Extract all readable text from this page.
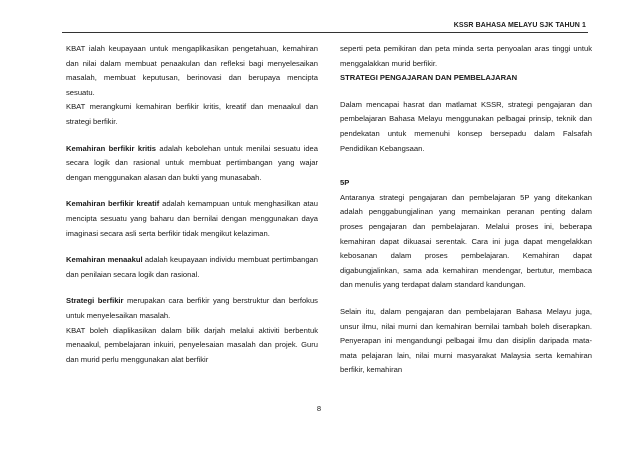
KSSR BAHASA MELAYU SJK TAHUN 1

KBAT ialah keupayaan untuk mengaplikasikan pengetahuan, kemahiran dan nilai dalam membuat penaakulan dan refleksi bagi menyelesaikan masalah, membuat keputusan, berinovasi dan berupaya mencipta sesuatu.

KBAT merangkumi kemahiran berfikir kritis, kreatif dan menaakul dan strategi berfikir.

Kemahiran berfikir kritis adalah kebolehan untuk menilai sesuatu idea secara logik dan rasional untuk membuat pertimbangan yang wajar dengan menggunakan alasan dan bukti yang munasabah.

Kemahiran berfikir kreatif adalah kemampuan untuk menghasilkan atau mencipta sesuatu yang baharu dan bernilai dengan menggunakan daya imaginasi secara asli serta berfikir tidak mengikut kelaziman.

Kemahiran menaakul adalah keupayaan individu membuat pertimbangan dan penilaian secara logik dan rasional.

Strategi berfikir merupakan cara berfikir yang berstruktur dan berfokus untuk menyelesaikan masalah.

KBAT boleh diaplikasikan dalam bilik darjah melalui aktiviti berbentuk menaakul, pembelajaran inkuiri, penyelesaian masalah dan projek. Guru dan murid perlu menggunakan alat berfikir

seperti peta pemikiran dan peta minda serta penyoalan aras tinggi untuk menggalakkan murid berfikir.

STRATEGI PENGAJARAN DAN PEMBELAJARAN

Dalam mencapai hasrat dan matlamat KSSR, strategi pengajaran dan pembelajaran Bahasa Melayu menggunakan pelbagai prinsip, teknik dan pendekatan untuk memenuhi konsep bersepadu dalam Falsafah Pendidikan Kebangsaan.

5P

Antaranya strategi pengajaran dan pembelajaran 5P yang ditekankan adalah penggabungjalinan yang memainkan peranan penting dalam proses pengajaran dan pembelajaran. Melalui proses ini, beberapa kemahiran dapat dikuasai serentak. Cara ini juga dapat mengelakkan kebosanan dalam proses pembelajaran. Kemahiran dapat digabungjalinkan, sama ada kemahiran mendengar, bertutur, membaca dan menulis yang terdapat dalam standard kandungan.

Selain itu, dalam pengajaran dan pembelajaran Bahasa Melayu juga, unsur ilmu, nilai murni dan kemahiran bernilai tambah boleh diserapkan. Penyerapan ini mengandungi pelbagai ilmu dan disiplin daripada mata-mata pelajaran lain, nilai murni masyarakat Malaysia serta kemahiran berfikir, kemahiran

8
